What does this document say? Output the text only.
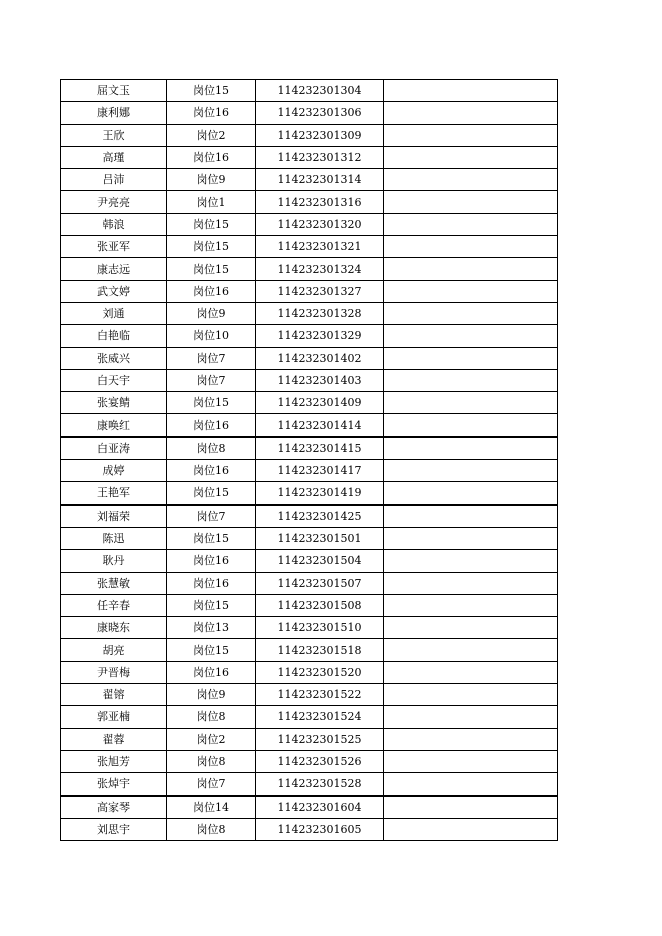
屈文玉	岗位15	114232301304	
康利娜	岗位16	114232301306	
王欣	岗位2	114232301309	
高瑾	岗位16	114232301312	
吕沛	岗位9	114232301314	
尹亮亮	岗位1	114232301316	
韩浪	岗位15	114232301320	
张亚军	岗位15	114232301321	
康志远	岗位15	114232301324	
武文婷	岗位16	114232301327	
刘通	岗位9	114232301328	
白艳临	岗位10	114232301329	
张威兴	岗位7	114232301402	
白天宇	岗位7	114232301403	
张宴鲭	岗位15	114232301409	
康唤红	岗位16	114232301414	
白亚涛	岗位8	114232301415	
成婷	岗位16	114232301417	
王艳军	岗位15	114232301419	
刘福荣	岗位7	114232301425	
陈迅	岗位15	114232301501	
耿丹	岗位16	114232301504	
张慧敏	岗位16	114232301507	
任辛春	岗位15	114232301508	
康晓东	岗位13	114232301510	
胡亮	岗位15	114232301518	
尹晋梅	岗位16	114232301520	
翟镕	岗位9	114232301522	
郭亚楠	岗位8	114232301524	
翟蓉	岗位2	114232301525	
张旭芳	岗位8	114232301526	
张焯宇	岗位7	114232301528	
高家琴	岗位14	114232301604	
刘思宇	岗位8	114232301605	
